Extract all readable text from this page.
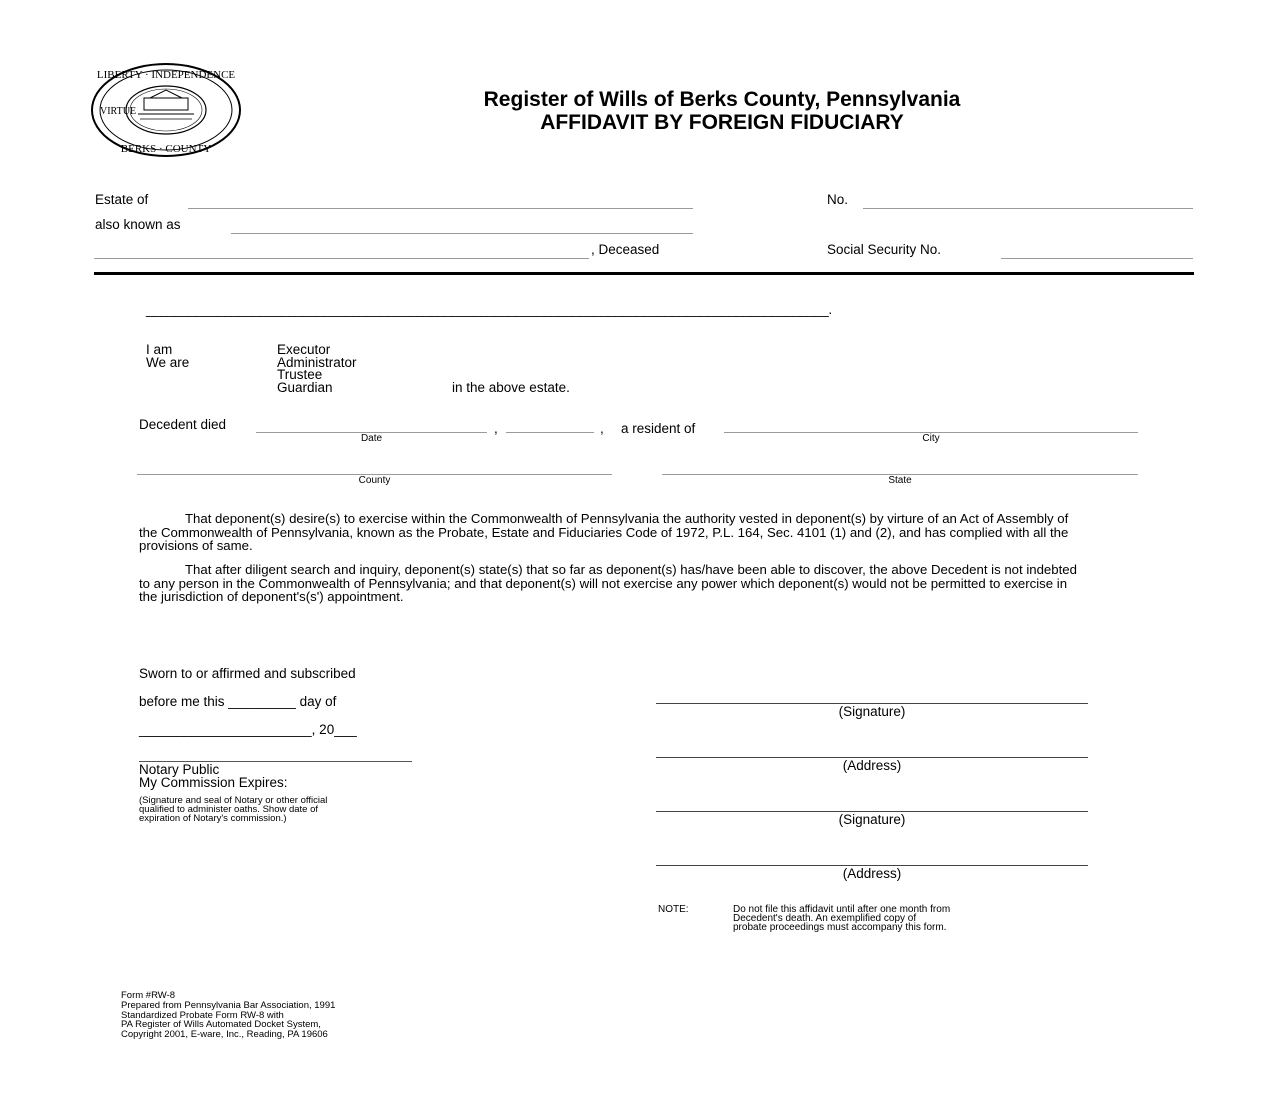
LIBERTY · INDEPENDENCE
BERKS · COUNTY
VIRTUE
Register of Wills of Berks County, Pennsylvania
AFFIDAVIT BY FOREIGN FIDUCIARY
Estate of	No.
also known as
, Deceased	Social Security No.
________________________________________________________________________________________________.
I am
We are
Executor
Administrator
Trustee
Guardian	in the above estate.
Decedent died	,	, a resident of
Date	City
County	State
That deponent(s) desire(s) to exercise within the Commonwealth of Pennsylvania the authority vested in deponent(s) by virture of an Act of Assembly of the Commonwealth of Pennsylvania, known as the Probate, Estate and Fiduciaries Code of 1972, P.L. 164, Sec. 4101 (1) and (2), and has complied with all the provisions of same.
That after diligent search and inquiry, deponent(s) state(s) that so far as deponent(s) has/have been able to discover, the above Decedent is not indebted to any person in the Commonwealth of Pennsylvania; and that deponent(s) will not exercise any power which deponent(s) would not be permitted to exercise in the jurisdiction of deponent's(s') appointment.
Sworn to or affirmed and subscribed
before me this _________ day of
_______________________, 20___
Notary Public
My Commission Expires:
(Signature and seal of Notary or other official
qualified to administer oaths. Show date of
expiration of Notary's commission.)
(Signature)
(Address)
(Signature)
(Address)
NOTE:	Do not file this affidavit until after one month from
Decedent's death. An exemplified copy of
probate proceedings must accompany this form.
Form #RW-8
Prepared from Pennsylvania Bar Association, 1991
Standardized Probate Form RW-8 with
PA Register of Wills Automated Docket System,
Copyright 2001, E-ware, Inc., Reading, PA 19606
